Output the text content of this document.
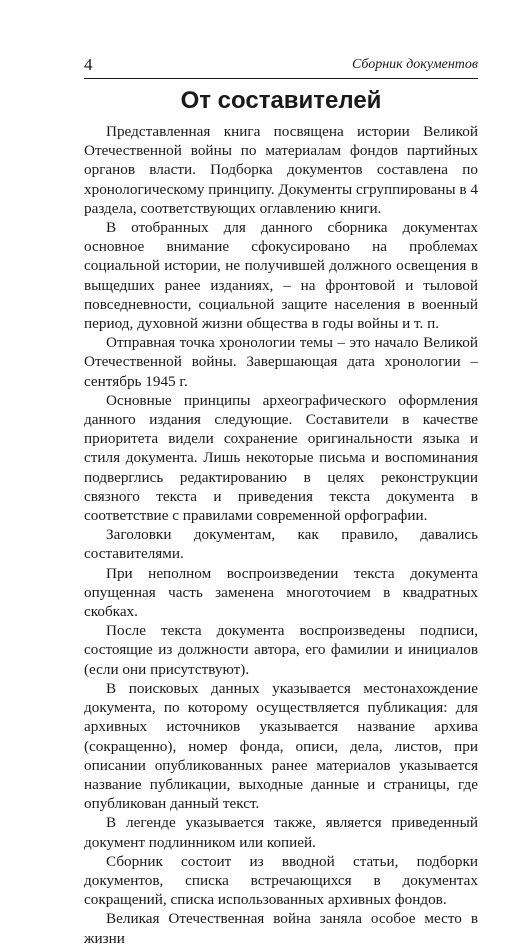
4	Сборник документов
От составителей

Представленная книга посвящена истории Великой Отечественной войны по материалам фондов партийных органов власти. Подборка документов составлена по хронологическому принципу. Документы сгруппированы в 4 раздела, соответствующих оглавлению книги.

В отобранных для данного сборника документах основное внимание сфокусировано на проблемах социальной истории, не получившей должного освещения в выщедших ранее изданиях, – на фронтовой и тыловой повседневности, социальной защите населения в военный период, духовной жизни общества в годы войны и т. п.

Отправная точка хронологии темы – это начало Великой Отечественной войны. Завершающая дата хронологии – сентябрь 1945 г.

Основные принципы археографического оформления данного издания следующие. Составители в качестве приоритета видели сохранение оригинальности языка и стиля документа. Лишь некоторые письма и воспоминания подверглись редактированию в целях реконструкции связного текста и приведения текста документа в соответствие с правилами современной орфографии.

Заголовки документам, как правило, давались составителями.

При неполном воспроизведении текста документа опущенная часть заменена многоточием в квадратных скобках.

После текста документа воспроизведены подписи, состоящие из должности автора, его фамилии и инициалов (если они присутствуют).

В поисковых данных указывается местонахождение документа, по которому осуществляется публикация: для архивных источников указывается название архива (сокращенно), номер фонда, описи, дела, листов, при описании опубликованных ранее материалов указывается название публикации, выходные данные и страницы, где опубликован данный текст.

В легенде указывается также, является приведенный документ подлинником или копией.

Сборник состоит из вводной статьи, подборки документов, списка встречающихся в документах сокращений, списка использованных архивных фондов.

Великая Отечественная война заняла особое место в жизни
